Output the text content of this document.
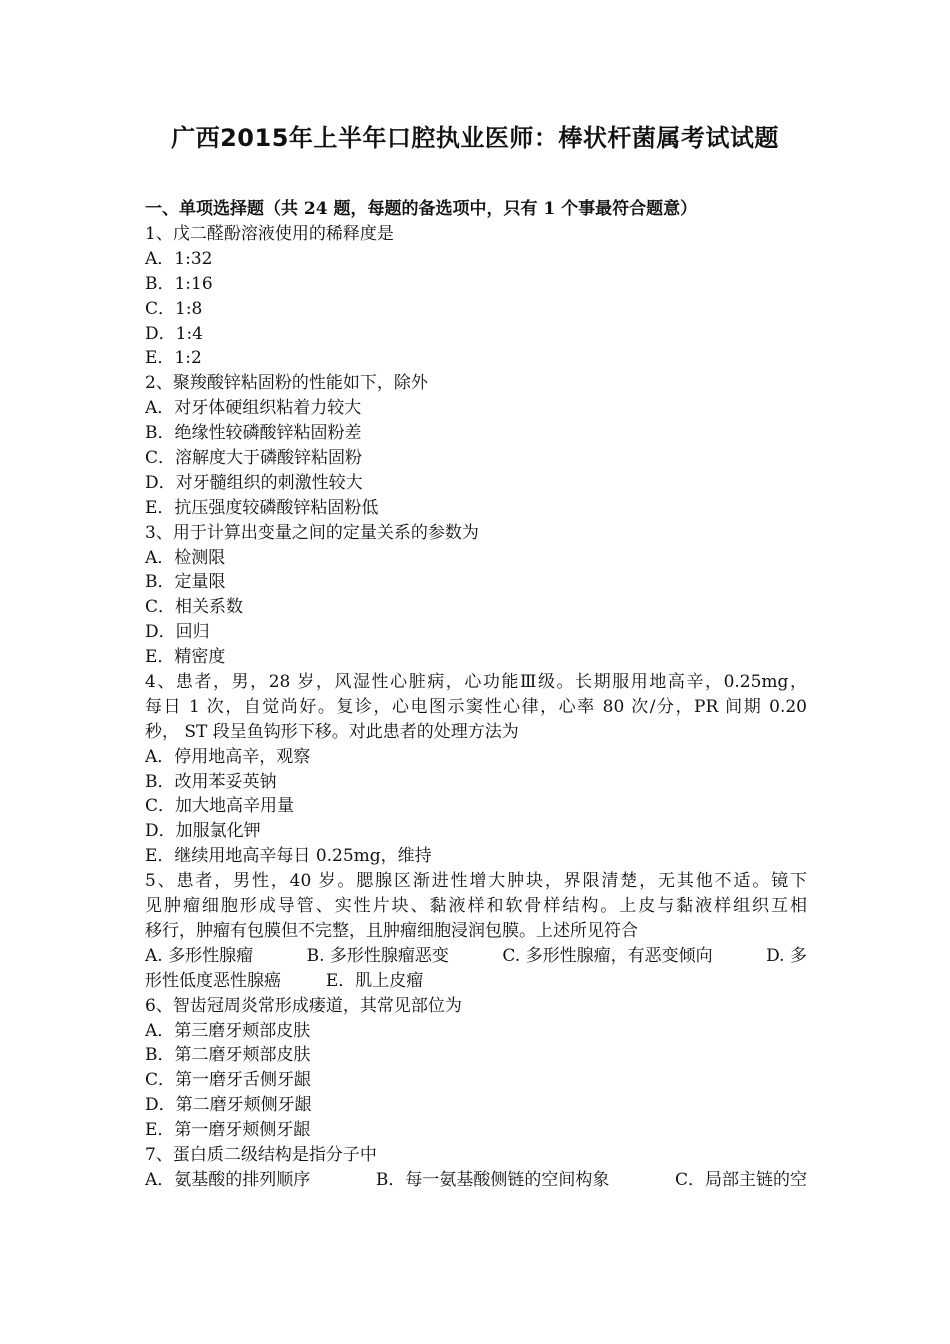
广西2015年上半年口腔执业医师：棒状杆菌属考试试题
一、单项选择题（共 24 题，每题的备选项中，只有 1 个事最符合题意）
1、戊二醛酚溶液使用的稀释度是
A．1:32
B．1:16
C．1:8
D．1:4
E．1:2
2、聚羧酸锌粘固粉的性能如下，除外
A．对牙体硬组织粘着力较大
B．绝缘性较磷酸锌粘固粉差
C．溶解度大于磷酸锌粘固粉
D．对牙髓组织的刺激性较大
E．抗压强度较磷酸锌粘固粉低
3、用于计算出变量之间的定量关系的参数为
A．检测限
B．定量限
C．相关系数
D．回归
E．精密度
4、患者，男，28 岁，风湿性心脏病，心功能Ⅲ级。长期服用地高辛，0.25mg，
每日 1 次，自觉尚好。复诊，心电图示窦性心律，心率 80 次/分，PR 间期 0.20
秒， ST 段呈鱼钩形下移。对此患者的处理方法为
A．停用地高辛，观察
B．改用苯妥英钠
C．加大地高辛用量
D．加服氯化钾
E．继续用地高辛每日 0.25mg，维持
5、患者，男性，40 岁。腮腺区渐进性增大肿块，界限清楚，无其他不适。镜下
见肿瘤细胞形成导管、实性片块、黏液样和软骨样结构。上皮与黏液样组织互相
移行，肿瘤有包膜但不完整，且肿瘤细胞浸润包膜。上述所见符合
A. 多形性腺瘤	B. 多形性腺瘤恶变	C. 多形性腺瘤，有恶变倾向	D. 多
形性低度恶性腺癌	E．肌上皮瘤
6、智齿冠周炎常形成瘘道，其常见部位为
A．第三磨牙颊部皮肤
B．第二磨牙颊部皮肤
C．第一磨牙舌侧牙龈
D．第二磨牙颊侧牙龈
E．第一磨牙颊侧牙龈
7、蛋白质二级结构是指分子中
A．氨基酸的排列顺序	B．每一氨基酸侧链的空间构象	C．局部主链的空
